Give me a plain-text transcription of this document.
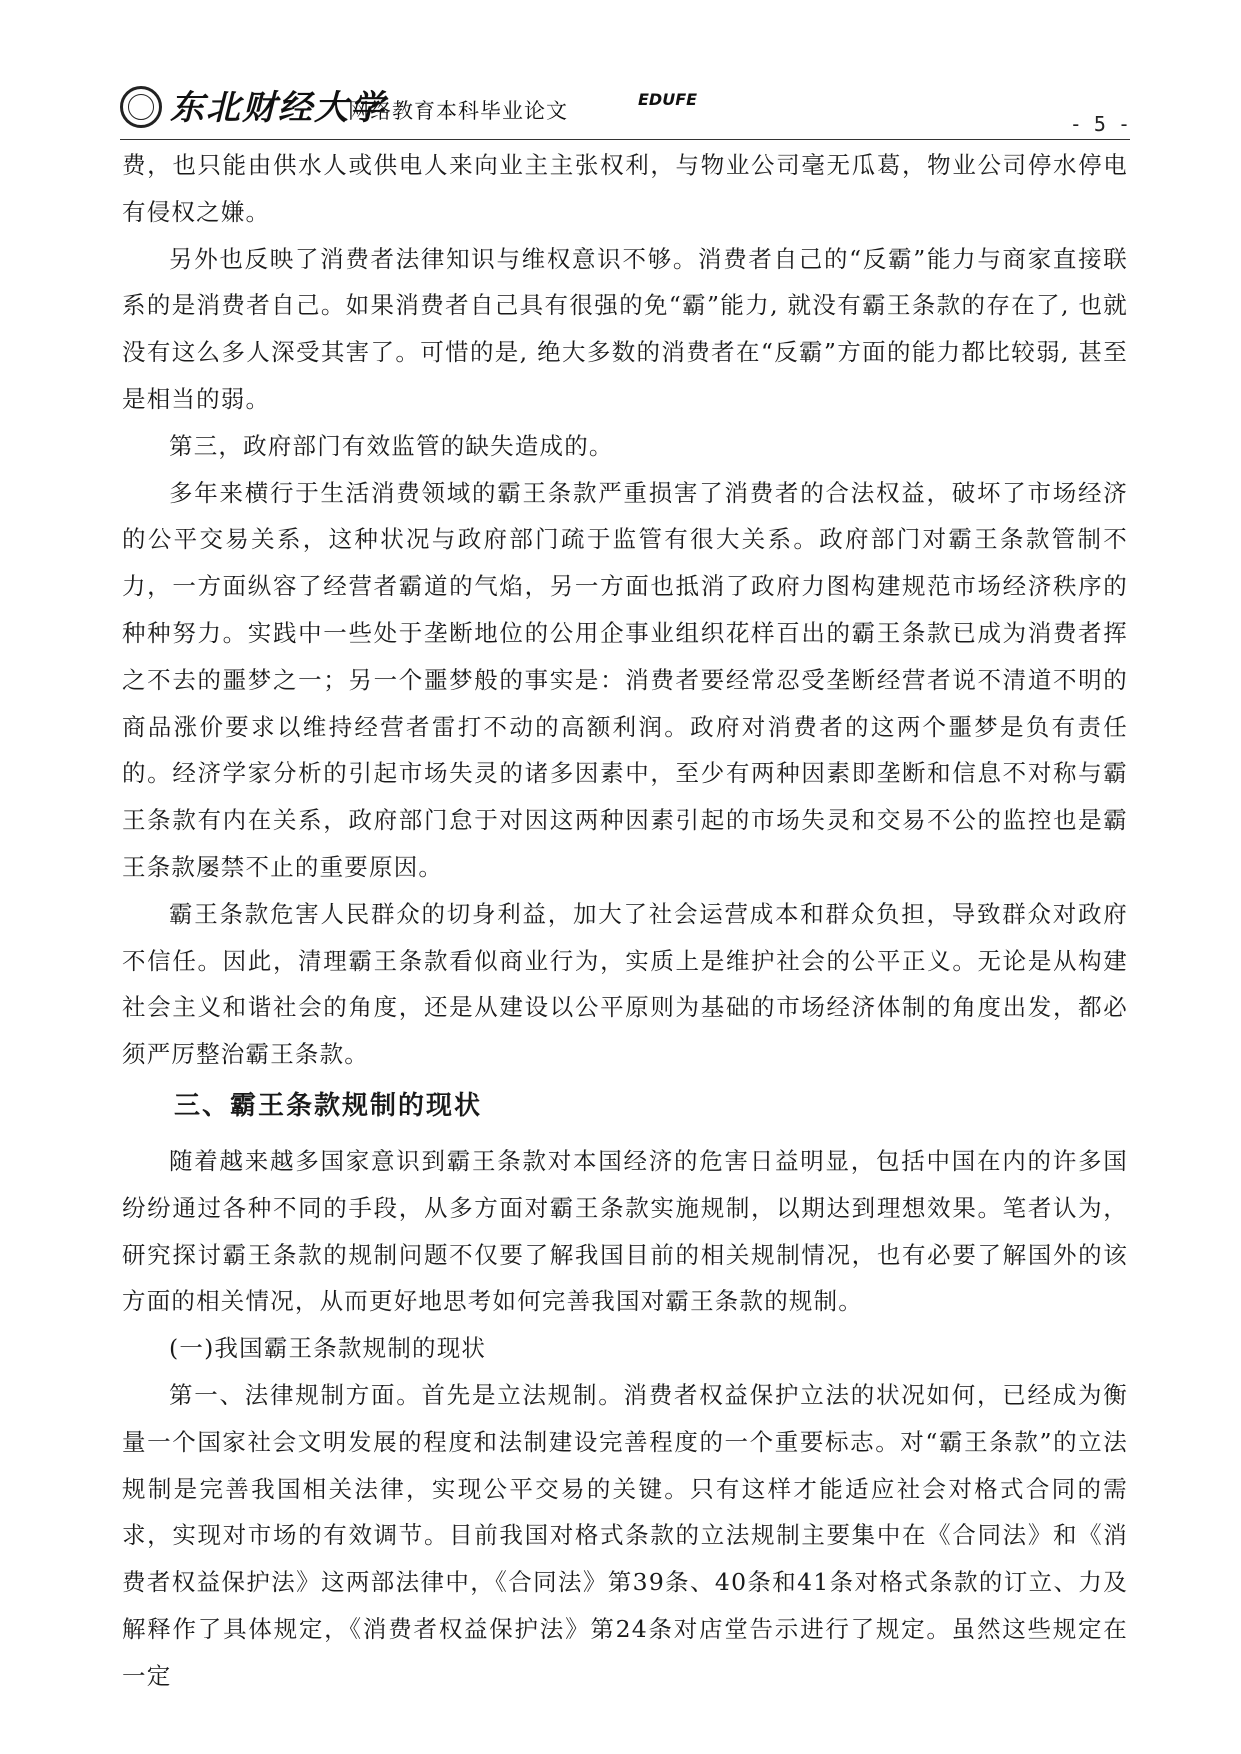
东北财经大学
网络教育本科毕业论文	EDUFE
- 5 -

费，也只能由供水人或供电人来向业主主张权利，与物业公司毫无瓜葛，物业公司停水停电有侵权之嫌。

另外也反映了消费者法律知识与维权意识不够。消费者自己的“反霸”能力与商家直接联系的是消费者自己。如果消费者自己具有很强的免“霸”能力, 就没有霸王条款的存在了, 也就没有这么多人深受其害了。可惜的是, 绝大多数的消费者在“反霸”方面的能力都比较弱, 甚至是相当的弱。

第三，政府部门有效监管的缺失造成的。

多年来横行于生活消费领域的霸王条款严重损害了消费者的合法权益，破坏了市场经济的公平交易关系，这种状况与政府部门疏于监管有很大关系。政府部门对霸王条款管制不力，一方面纵容了经营者霸道的气焰，另一方面也抵消了政府力图构建规范市场经济秩序的种种努力。实践中一些处于垄断地位的公用企事业组织花样百出的霸王条款已成为消费者挥之不去的噩梦之一；另一个噩梦般的事实是：消费者要经常忍受垄断经营者说不清道不明的商品涨价要求以维持经营者雷打不动的高额利润。政府对消费者的这两个噩梦是负有责任的。经济学家分析的引起市场失灵的诸多因素中，至少有两种因素即垄断和信息不对称与霸王条款有内在关系，政府部门怠于对因这两种因素引起的市场失灵和交易不公的监控也是霸王条款屡禁不止的重要原因。

霸王条款危害人民群众的切身利益，加大了社会运营成本和群众负担，导致群众对政府不信任。因此，清理霸王条款看似商业行为，实质上是维护社会的公平正义。无论是从构建社会主义和谐社会的角度，还是从建设以公平原则为基础的市场经济体制的角度出发，都必须严厉整治霸王条款。

三、霸王条款规制的现状

随着越来越多国家意识到霸王条款对本国经济的危害日益明显，包括中国在内的许多国纷纷通过各种不同的手段，从多方面对霸王条款实施规制，以期达到理想效果。笔者认为，研究探讨霸王条款的规制问题不仅要了解我国目前的相关规制情况，也有必要了解国外的该方面的相关情况，从而更好地思考如何完善我国对霸王条款的规制。

(一)我国霸王条款规制的现状

第一、法律规制方面。首先是立法规制。消费者权益保护立法的状况如何，已经成为衡量一个国家社会文明发展的程度和法制建设完善程度的一个重要标志。对“霸王条款”的立法规制是完善我国相关法律，实现公平交易的关键。只有这样才能适应社会对格式合同的需求，实现对市场的有效调节。目前我国对格式条款的立法规制主要集中在《合同法》和《消费者权益保护法》这两部法律中，《合同法》第39条、40条和41条对格式条款的订立、力及解释作了具体规定，《消费者权益保护法》第24条对店堂告示进行了规定。虽然这些规定在一定
